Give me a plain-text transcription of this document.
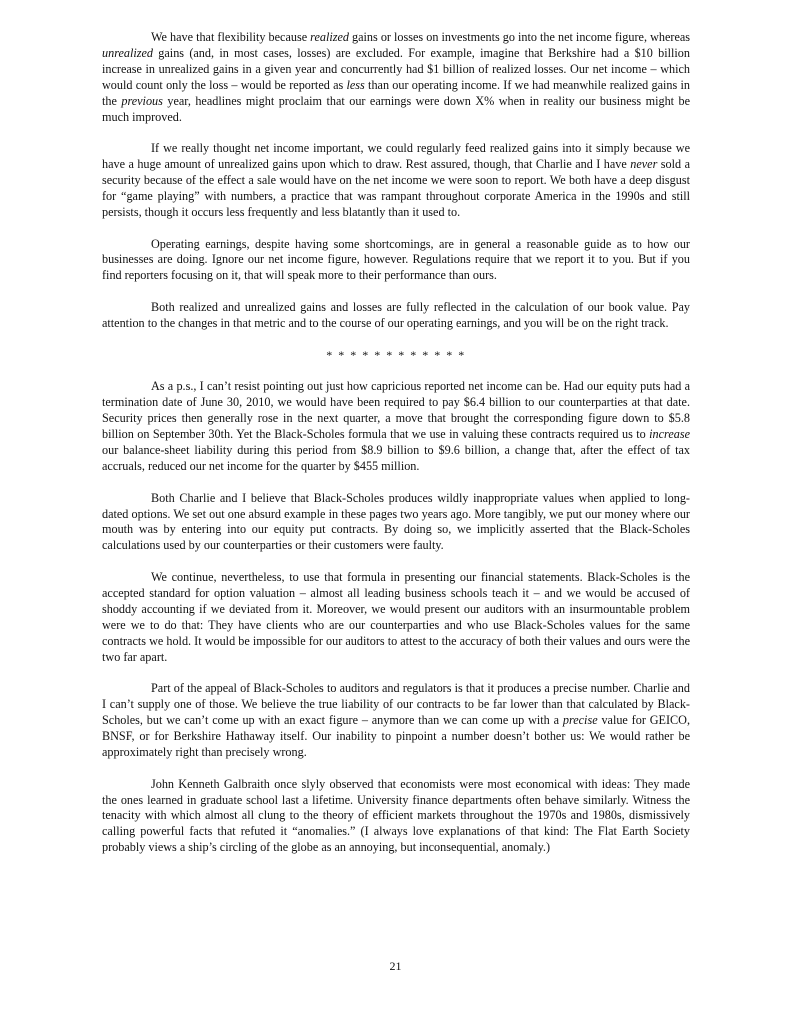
We have that flexibility because realized gains or losses on investments go into the net income figure, whereas unrealized gains (and, in most cases, losses) are excluded. For example, imagine that Berkshire had a $10 billion increase in unrealized gains in a given year and concurrently had $1 billion of realized losses. Our net income – which would count only the loss – would be reported as less than our operating income. If we had meanwhile realized gains in the previous year, headlines might proclaim that our earnings were down X% when in reality our business might be much improved.

If we really thought net income important, we could regularly feed realized gains into it simply because we have a huge amount of unrealized gains upon which to draw. Rest assured, though, that Charlie and I have never sold a security because of the effect a sale would have on the net income we were soon to report. We both have a deep disgust for “game playing” with numbers, a practice that was rampant throughout corporate America in the 1990s and still persists, though it occurs less frequently and less blatantly than it used to.

Operating earnings, despite having some shortcomings, are in general a reasonable guide as to how our businesses are doing. Ignore our net income figure, however. Regulations require that we report it to you. But if you find reporters focusing on it, that will speak more to their performance than ours.

Both realized and unrealized gains and losses are fully reflected in the calculation of our book value. Pay attention to the changes in that metric and to the course of our operating earnings, and you will be on the right track.

* * * * * * * * * * * *

As a p.s., I can’t resist pointing out just how capricious reported net income can be. Had our equity puts had a termination date of June 30, 2010, we would have been required to pay $6.4 billion to our counterparties at that date. Security prices then generally rose in the next quarter, a move that brought the corresponding figure down to $5.8 billion on September 30th. Yet the Black-Scholes formula that we use in valuing these contracts required us to increase our balance-sheet liability during this period from $8.9 billion to $9.6 billion, a change that, after the effect of tax accruals, reduced our net income for the quarter by $455 million.

Both Charlie and I believe that Black-Scholes produces wildly inappropriate values when applied to long-dated options. We set out one absurd example in these pages two years ago. More tangibly, we put our money where our mouth was by entering into our equity put contracts. By doing so, we implicitly asserted that the Black-Scholes calculations used by our counterparties or their customers were faulty.

We continue, nevertheless, to use that formula in presenting our financial statements. Black-Scholes is the accepted standard for option valuation – almost all leading business schools teach it – and we would be accused of shoddy accounting if we deviated from it. Moreover, we would present our auditors with an insurmountable problem were we to do that: They have clients who are our counterparties and who use Black-Scholes values for the same contracts we hold. It would be impossible for our auditors to attest to the accuracy of both their values and ours were the two far apart.

Part of the appeal of Black-Scholes to auditors and regulators is that it produces a precise number. Charlie and I can’t supply one of those. We believe the true liability of our contracts to be far lower than that calculated by Black-Scholes, but we can’t come up with an exact figure – anymore than we can come up with a precise value for GEICO, BNSF, or for Berkshire Hathaway itself. Our inability to pinpoint a number doesn’t bother us: We would rather be approximately right than precisely wrong.

John Kenneth Galbraith once slyly observed that economists were most economical with ideas: They made the ones learned in graduate school last a lifetime. University finance departments often behave similarly. Witness the tenacity with which almost all clung to the theory of efficient markets throughout the 1970s and 1980s, dismissively calling powerful facts that refuted it “anomalies.” (I always love explanations of that kind: The Flat Earth Society probably views a ship’s circling of the globe as an annoying, but inconsequential, anomaly.)

21
